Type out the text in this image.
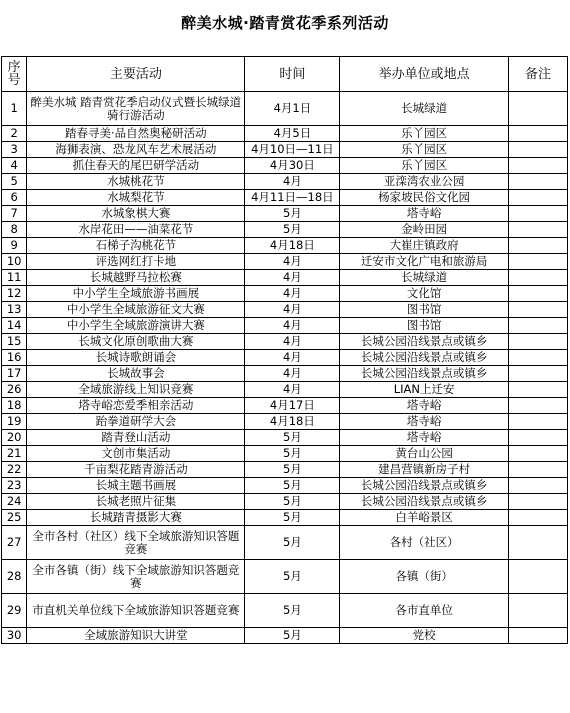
醉美水城·踏青赏花季系列活动
序号	主要活动	时间	举办单位或地点	备注
1	醉美水城 踏青赏花季启动仪式暨长城绿道骑行游活动	4月1日	长城绿道	
2	踏春寻美·品自然奥秘研活动	4月5日	乐丫园区	
3	海狮表演、恐龙风车艺术展活动	4月10日—11日	乐丫园区	
4	抓住春天的尾巴研学活动	4月30日	乐丫园区	
5	水城桃花节	4月	亚滦湾农业公园	
6	水城梨花节	4月11日—18日	杨家坡民俗文化园	
7	水城象棋大赛	5月	塔寺峪	
8	水岸花田——油菜花节	5月	金岭田园	
9	石梯子沟桃花节	4月18日	大崔庄镇政府	
10	评选网红打卡地	4月	迁安市文化广电和旅游局	
11	长城越野马拉松赛	4月	长城绿道	
12	中小学生全域旅游书画展	4月	文化馆	
13	中小学生全域旅游征文大赛	4月	图书馆	
14	中小学生全域旅游演讲大赛	4月	图书馆	
15	长城文化原创歌曲大赛	4月	长城公园沿线景点或镇乡	
16	长城诗歌朗诵会	4月	长城公园沿线景点或镇乡	
17	长城故事会	4月	长城公园沿线景点或镇乡	
26	全域旅游线上知识竞赛	4月	LIAN上迁安	
18	塔寺峪恋爱季相亲活动	4月17日	塔寺峪	
19	跆拳道研学大会	4月18日	塔寺峪	
20	踏青登山活动	5月	塔寺峪	
21	文创市集活动	5月	黄台山公园	
22	千亩梨花踏青游活动	5月	建昌营镇新房子村	
23	长城主题书画展	5月	长城公园沿线景点或镇乡	
24	长城老照片征集	5月	长城公园沿线景点或镇乡	
25	长城踏青摄影大赛	5月	白羊峪景区	
27	全市各村（社区）线下全域旅游知识答题竞赛	5月	各村（社区）	
28	全市各镇（街）线下全域旅游知识答题竞赛	5月	各镇（街）	
29	市直机关单位线下全域旅游知识答题竞赛	5月	各市直单位	
30	全域旅游知识大讲堂	5月	党校	
